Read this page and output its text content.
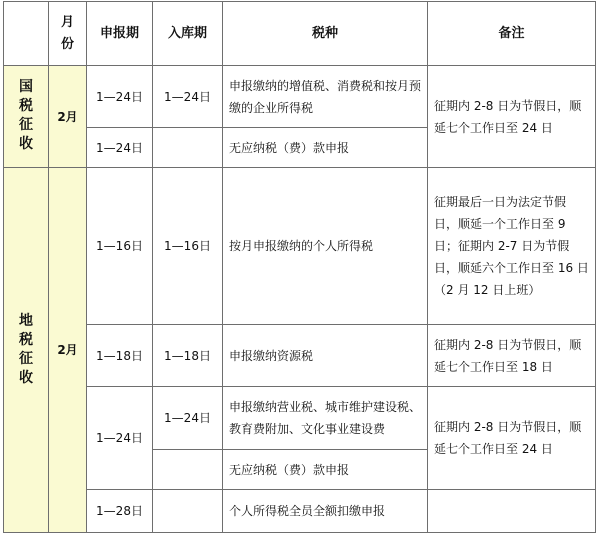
	月份	申报期	入库期	税种	备注
国税征收	2月	1—24日	1—24日	申报缴纳的增值税、消费税和按月预缴的企业所得税	征期内 2-8 日为节假日，顺延七个工作日至 24 日
		1—24日		无应纳税（费）款申报	
地税征收	2月	1—16日	1—16日	按月申报缴纳的个人所得税	征期最后一日为法定节假日，顺延一个工作日至 9 日；征期内 2-7 日为节假日，顺延六个工作日至 16 日（2 月 12 日上班）
		1—18日	1—18日	申报缴纳资源税	征期内 2-8 日为节假日，顺延七个工作日至 18 日
		1—24日	1—24日	申报缴纳营业税、城市维护建设税、教育费附加、文化事业建设费	征期内 2-8 日为节假日，顺延七个工作日至 24 日
				无应纳税（费）款申报	
		1—28日		个人所得税全员全额扣缴申报	
